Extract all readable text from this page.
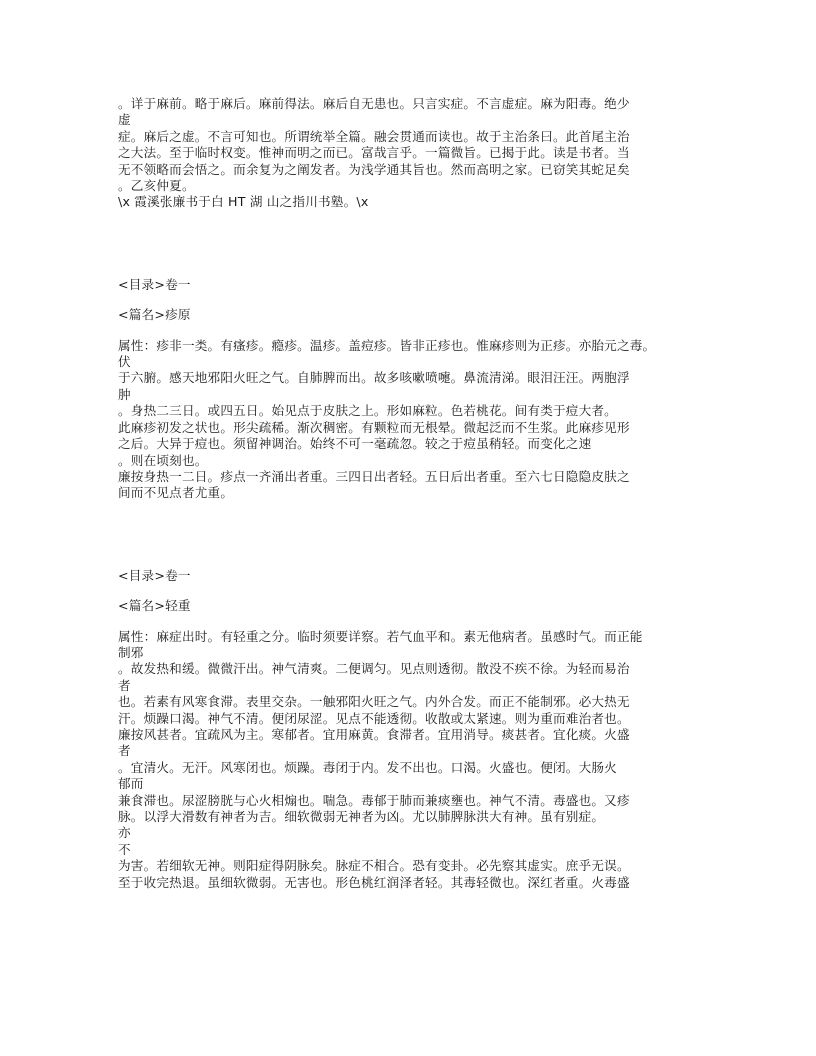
。详于麻前。略于麻后。麻前得法。麻后自无患也。只言实症。不言虚症。麻为阳毒。绝少
虚
症。麻后之虚。不言可知也。所谓统举全篇。融会贯通而读也。故于主治条曰。此首尾主治
之大法。至于临时权变。惟神而明之而已。富哉言乎。一篇微旨。已揭于此。读是书者。当
无不领略而会悟之。而余复为之阐发者。为浅学通其旨也。然而高明之家。已窃笑其蛇足矣
。乙亥仲夏。
\x 霞溪张廉书于白 HT 湖 山之指川书塾。\x
<目录>卷一
<篇名>疹原
属性：疹非一类。有瘙疹。瘾疹。温疹。盖痘疹。皆非正疹也。惟麻疹则为正疹。亦胎元之毒。
伏
于六腑。感天地邪阳火旺之气。自肺脾而出。故多咳嗽喷嚏。鼻流清涕。眼泪汪汪。两胞浮
肿
。身热二三日。或四五日。始见点于皮肤之上。形如麻粒。色若桃花。间有类于痘大者。
此麻疹初发之状也。形尖疏稀。渐次稠密。有颗粒而无根晕。微起泛而不生浆。此麻疹见形
之后。大异于痘也。须留神调治。始终不可一毫疏忽。较之于痘虽稍轻。而变化之速
。则在顷刻也。
廉按身热一二日。疹点一齐涌出者重。三四日出者轻。五日后出者重。至六七日隐隐皮肤之
间而不见点者尤重。
<目录>卷一
<篇名>轻重
属性：麻症出时。有轻重之分。临时须要详察。若气血平和。素无他病者。虽感时气。而正能
制邪
。故发热和缓。微微汗出。神气清爽。二便调匀。见点则透彻。散没不疾不徐。为轻而易治
者
也。若素有风寒食滞。表里交杂。一触邪阳火旺之气。内外合发。而正不能制邪。必大热无
汗。烦躁口渴。神气不清。便闭尿涩。见点不能透彻。收散或太紧速。则为重而难治者也。
廉按风甚者。宜疏风为主。寒郁者。宜用麻黄。食滞者。宜用消导。痰甚者。宜化痰。火盛
者
。宜清火。无汗。风寒闭也。烦躁。毒闭于内。发不出也。口渴。火盛也。便闭。大肠火
郁而
兼食滞也。尿涩膀胱与心火相煽也。喘急。毒郁于肺而兼痰壅也。神气不清。毒盛也。又疹
脉。以浮大滑数有神者为吉。细软微弱无神者为凶。尤以肺脾脉洪大有神。虽有别症。
亦
不
为害。若细软无神。则阳症得阴脉矣。脉症不相合。恐有变卦。必先察其虚实。庶乎无误。
至于收完热退。虽细软微弱。无害也。形色桃红润泽者轻。其毒轻微也。深红者重。火毒盛
